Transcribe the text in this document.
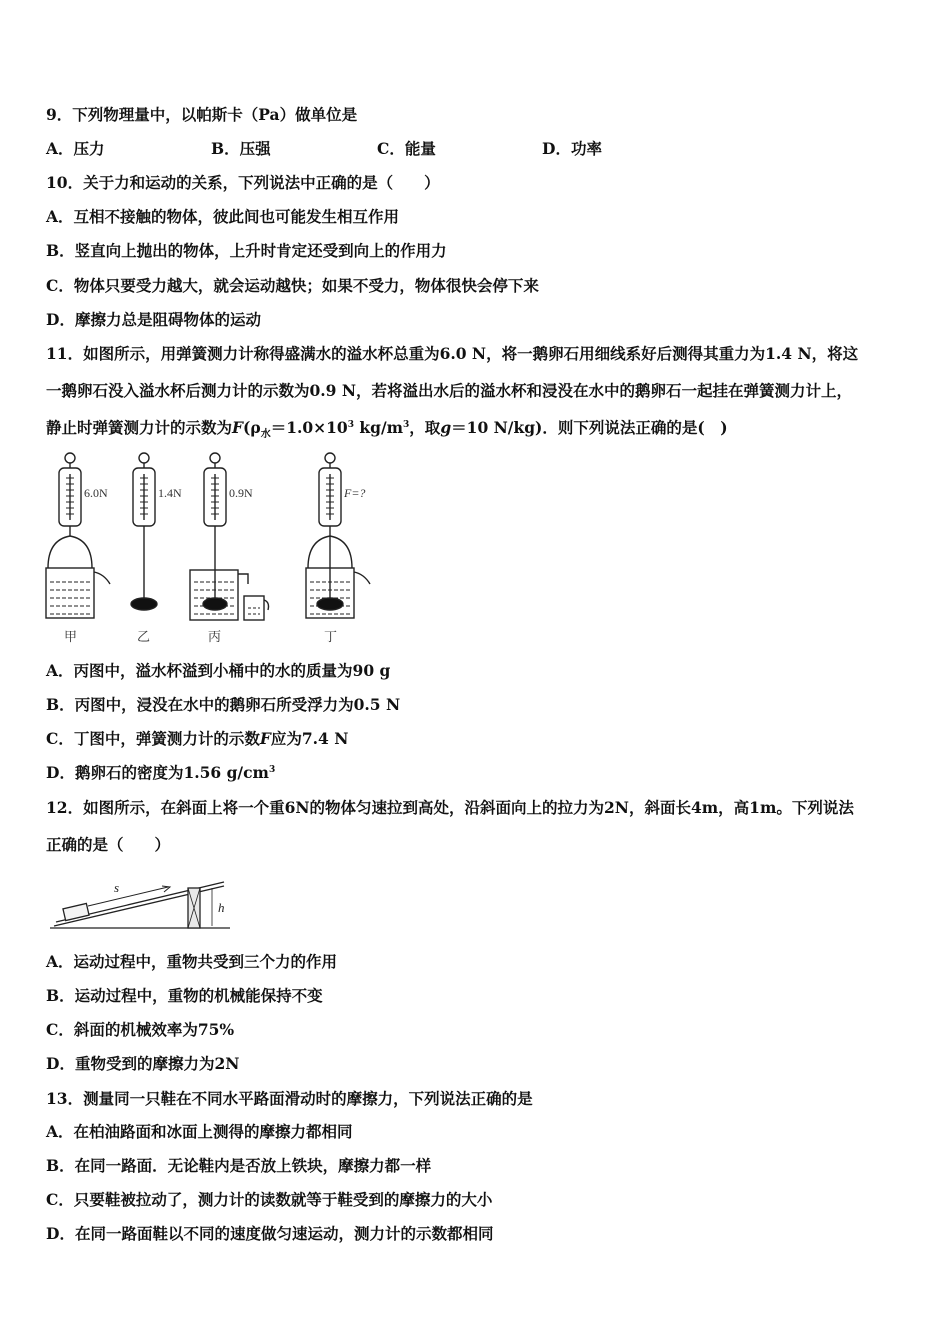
9．下列物理量中，以帕斯卡（Pa）做单位是
A．压力	B．压强	C．能量	D．功率
10．关于力和运动的关系，下列说法中正确的是（　　）
A．互相不接触的物体，彼此间也可能发生相互作用
B．竖直向上抛出的物体，上升时肯定还受到向上的作用力
C．物体只要受力越大，就会运动越快；如果不受力，物体很快会停下来
D．摩擦力总是阻碍物体的运动
11．如图所示，用弹簧测力计称得盛满水的溢水杯总重为6.0 N，将一鹅卵石用细线系好后测得其重力为1.4 N，将这
一鹅卵石没入溢水杯后测力计的示数为0.9 N，若将溢出水后的溢水杯和浸没在水中的鹅卵石一起挂在弹簧测力计上，
静止时弹簧测力计的示数为$F(\rho_水=1.0\times 10^3$ $kg/m^3$，取g＝10 N/kg)．则下列说法正确的是(　)
6.0N	1.4N	0.9N	F=?
甲	乙	丙	丁
A．丙图中，溢水杯溢到小桶中的水的质量为90 g
B．丙图中，浸没在水中的鹅卵石所受浮力为0.5 N
C．丁图中，弹簧测力计的示数F应为7.4 N
D．鹅卵石的密度为1.56 $g/cm^3$
12．如图所示，在斜面上将一个重6N的物体匀速拉到高处，沿斜面向上的拉力为2N，斜面长4m，高1m。下列说法
正确的是（　　）
s
h
A．运动过程中，重物共受到三个力的作用
B．运动过程中，重物的机械能保持不变
C．斜面的机械效率为75%
D．重物受到的摩擦力为2N
13．测量同一只鞋在不同水平路面滑动时的摩擦力，下列说法正确的是
A．在柏油路面和冰面上测得的摩擦力都相同
B．在同一路面．无论鞋内是否放上铁块，摩擦力都一样
C．只要鞋被拉动了，测力计的读数就等于鞋受到的摩擦力的大小
D．在同一路面鞋以不同的速度做匀速运动，测力计的示数都相同
